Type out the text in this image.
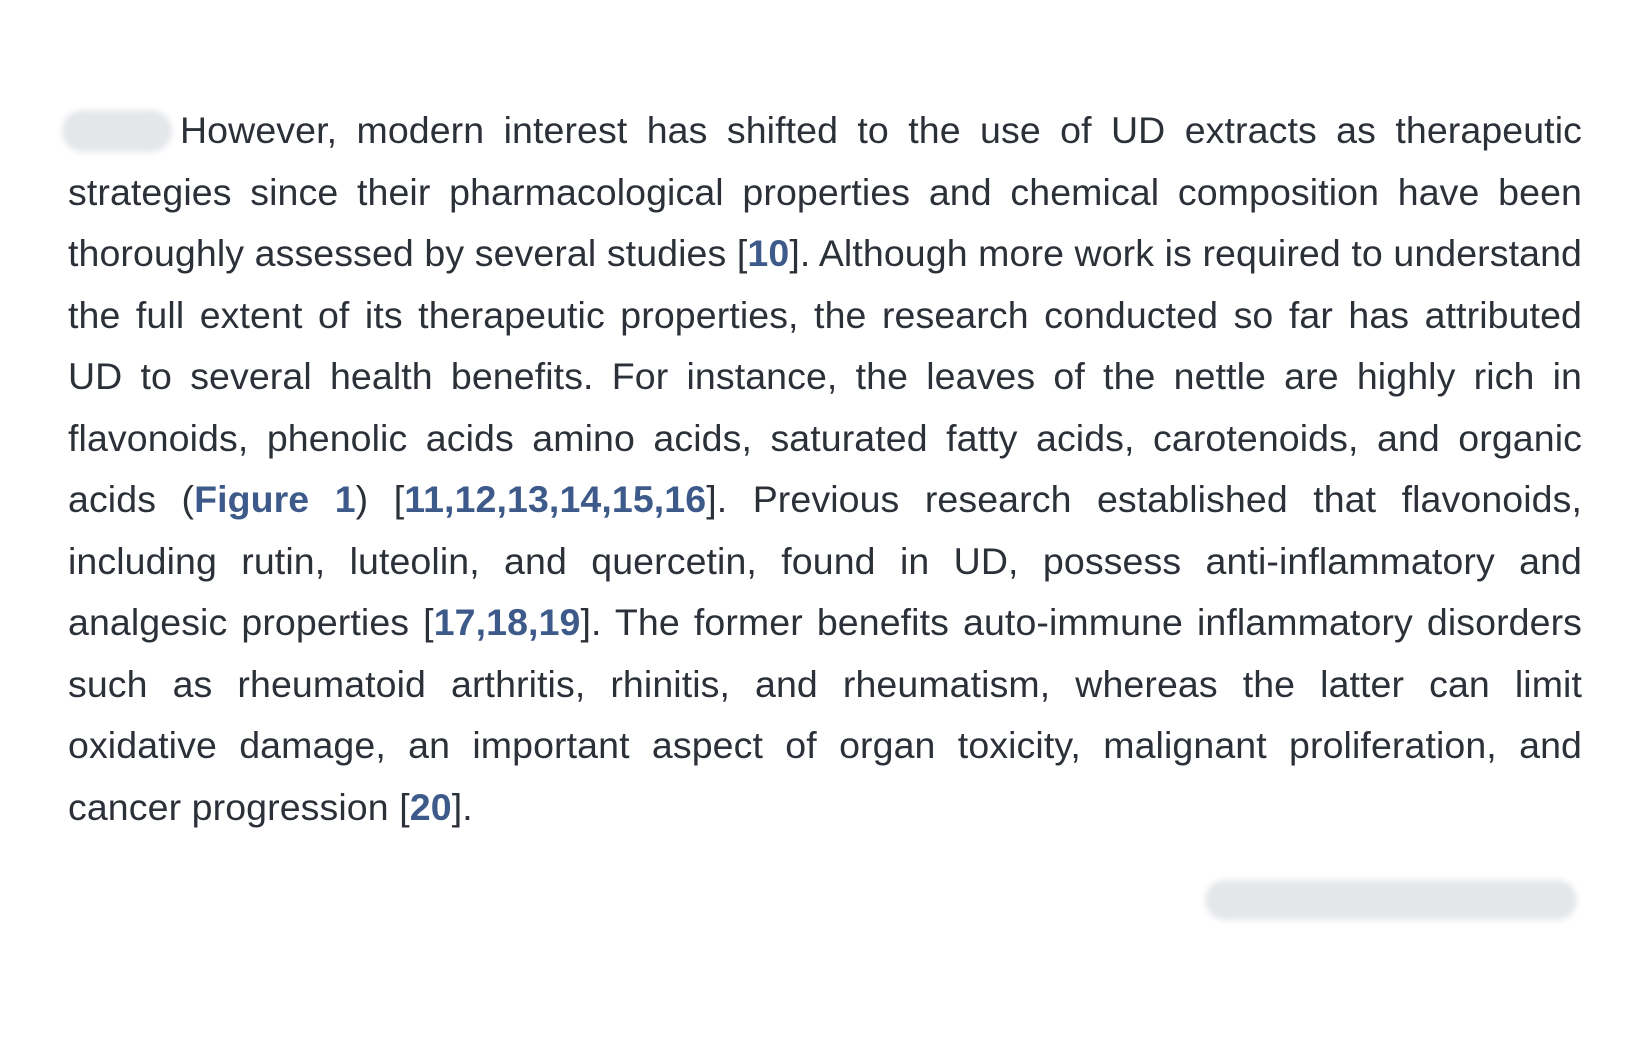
However, modern interest has shifted to the use of UD extracts as therapeutic strategies since their pharmacological properties and chemical composition have been thoroughly assessed by several studies [10]. Although more work is required to understand the full extent of its therapeutic properties, the research conducted so far has attributed UD to several health benefits. For instance, the leaves of the nettle are highly rich in flavonoids, phenolic acids amino acids, saturated fatty acids, carotenoids, and organic acids (Figure 1) [11,12,13,14,15,16]. Previous research established that flavonoids, including rutin, luteolin, and quercetin, found in UD, possess anti-inflammatory and analgesic properties [17,18,19]. The former benefits auto-immune inflammatory disorders such as rheumatoid arthritis, rhinitis, and rheumatism, whereas the latter can limit oxidative damage, an important aspect of organ toxicity, malignant proliferation, and cancer progression [20].
